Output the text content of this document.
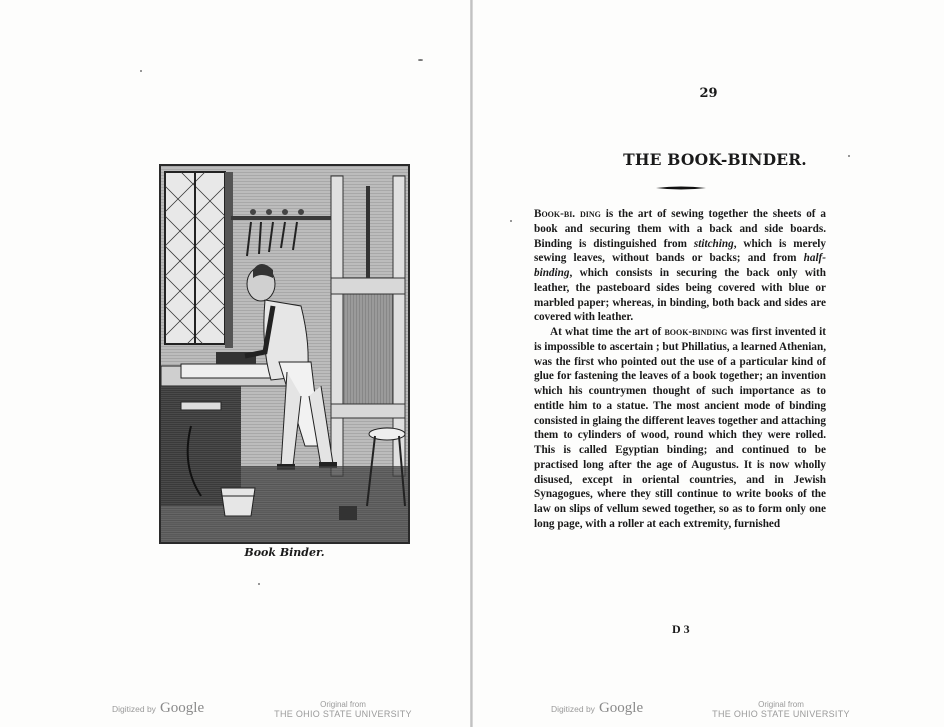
Book Binder.
Digitized by Google	Original from
THE OHIO STATE UNIVERSITY
29
THE BOOK-BINDER.

Book-bi. ding is the art of sewing together the sheets of a book and securing them with a back and side boards. Binding is distinguished from stitching, which is merely sewing leaves, without bands or backs; and from half-binding, which consists in securing the back only with leather, the pasteboard sides being covered with blue or marbled paper; whereas, in binding, both back and sides are covered with leather.

At what time the art of book-binding was first invented it is impossible to ascertain ; but Phillatius, a learned Athenian, was the first who pointed out the use of a particular kind of glue for fastening the leaves of a book together; an invention which his countrymen thought of such importance as to entitle him to a statue. The most ancient mode of binding consisted in glaing the different leaves together and attaching them to cylinders of wood, round which they were rolled. This is called Egyptian binding; and continued to be practised long after the age of Augustus. It is now wholly disused, except in oriental countries, and in Jewish Synagogues, where they still continue to write books of the law on slips of vellum sewed together, so as to form only one long page, with a roller at each extremity, furnished

D 3
Digitized by Google	Original from
THE OHIO STATE UNIVERSITY
